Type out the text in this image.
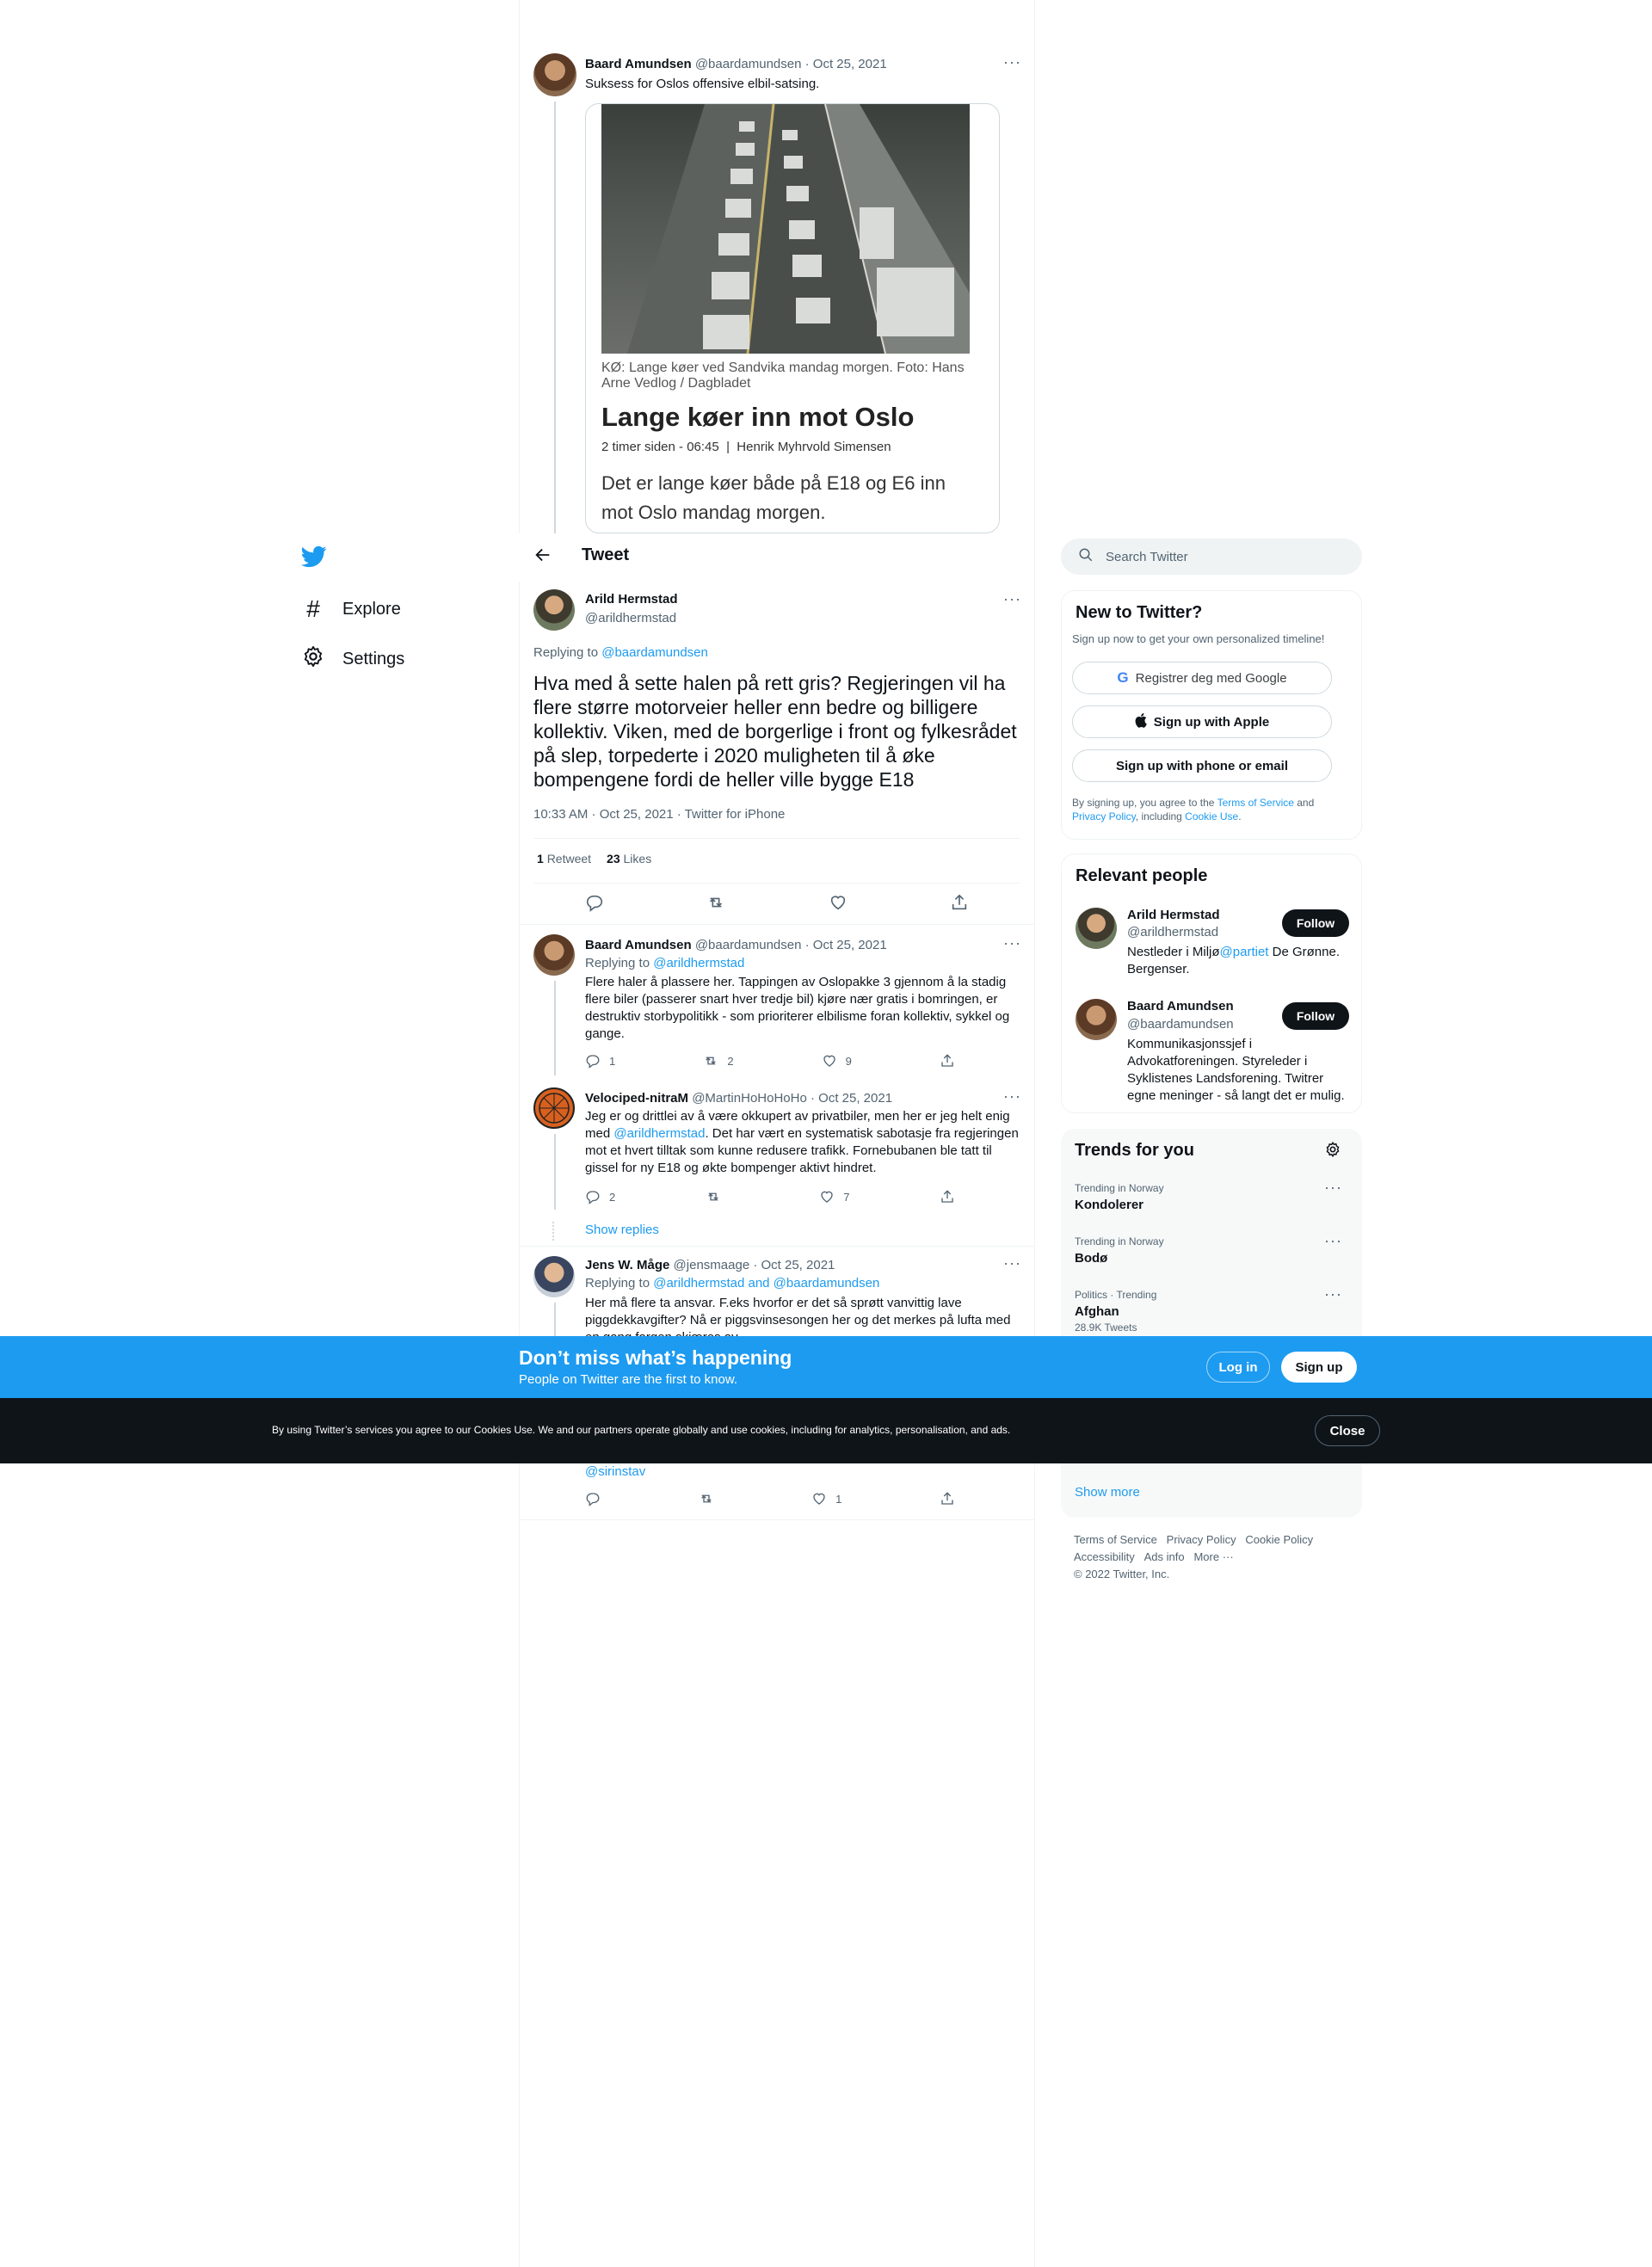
#	Explore
Settings
Baard Amundsen @baardamundsen · Oct 25, 2021	···
Suksess for Oslos offensive elbil-satsing.
KØ: Lange køer ved Sandvika mandag morgen. Foto: Hans Arne Vedlog / Dagbladet
Lange køer inn mot Oslo
2 timer siden - 06:45  |  Henrik Myhrvold Simensen
Det er lange køer både på E18 og E6 inn mot Oslo mandag morgen.
Tweet
Arild Hermstad
@arildhermstad
···
Replying to @baardamundsen
Hva med å sette halen på rett gris? Regjeringen vil ha flere større motorveier heller enn bedre og billigere kollektiv. Viken, med de borgerlige i front og fylkesrådet på slep, torpederte i 2020 muligheten til å øke bompengene fordi de heller ville bygge E18
10:33 AM · Oct 25, 2021 · Twitter for iPhone
1 Retweet 23 Likes
Baard Amundsen @baardamundsen · Oct 25, 2021	···
Replying to @arildhermstad
Flere haler å plassere her. Tappingen av Oslopakke 3 gjennom å la stadig flere biler (passerer snart hver tredje bil) kjøre nær gratis i bomringen, er destruktiv storbypolitikk - som prioriterer elbilisme foran kollektiv, sykkel og gange.
1	2	9
Velociped-nitraM @MartinHoHoHoHo · Oct 25, 2021	···
Jeg er og drittlei av å være okkupert av privatbiler, men her er jeg helt enig med @arildhermstad. Det har vært en systematisk sabotasje fra regjeringen mot et hvert tilltak som kunne redusere trafikk. Fornebubanen ble tatt til gissel for ny E18 og økte bompenger aktivt hindret.
2	7
Show replies
Jens W. Måge @jensmaage · Oct 25, 2021	···
Replying to @arildhermstad and @baardamundsen
Her må flere ta ansvar. F.eks hvorfor er det så sprøtt vanvittig lave piggdekkavgifter? Nå er piggsvinsesongen her og det merkes på lufta med
@sirinstav
1
Search Twitter
New to Twitter?
Sign up now to get your own personalized timeline!
G Registrer deg med Google
Sign up with Apple
Sign up with phone or email
By signing up, you agree to the Terms of Service and Privacy Policy, including Cookie Use.
Relevant people
Arild Hermstad
@arildhermstad
Follow
Nestleder i Miljø@partiet De Grønne. Bergenser.
Baard Amundsen
@baardamundsen
Follow
Kommunikasjonssjef i Advokatforeningen. Styreleder i Syklistenes Landsforening. Twitrer egne meninger - så langt det er mulig.
Trends for you
Trending in Norway
Kondolerer
···
Trending in Norway
Bodø
···
Politics · Trending
Afghan
28.9K Tweets
···
Show more
Terms of Service Privacy Policy Cookie Policy
Accessibility Ads info More ···
© 2022 Twitter, Inc.
Don’t miss what’s happening
People on Twitter are the first to know.
Log in	Sign up
By using Twitter’s services you agree to our Cookies Use. We and our partners operate globally and use cookies, including for analytics, personalisation, and ads.	Close
